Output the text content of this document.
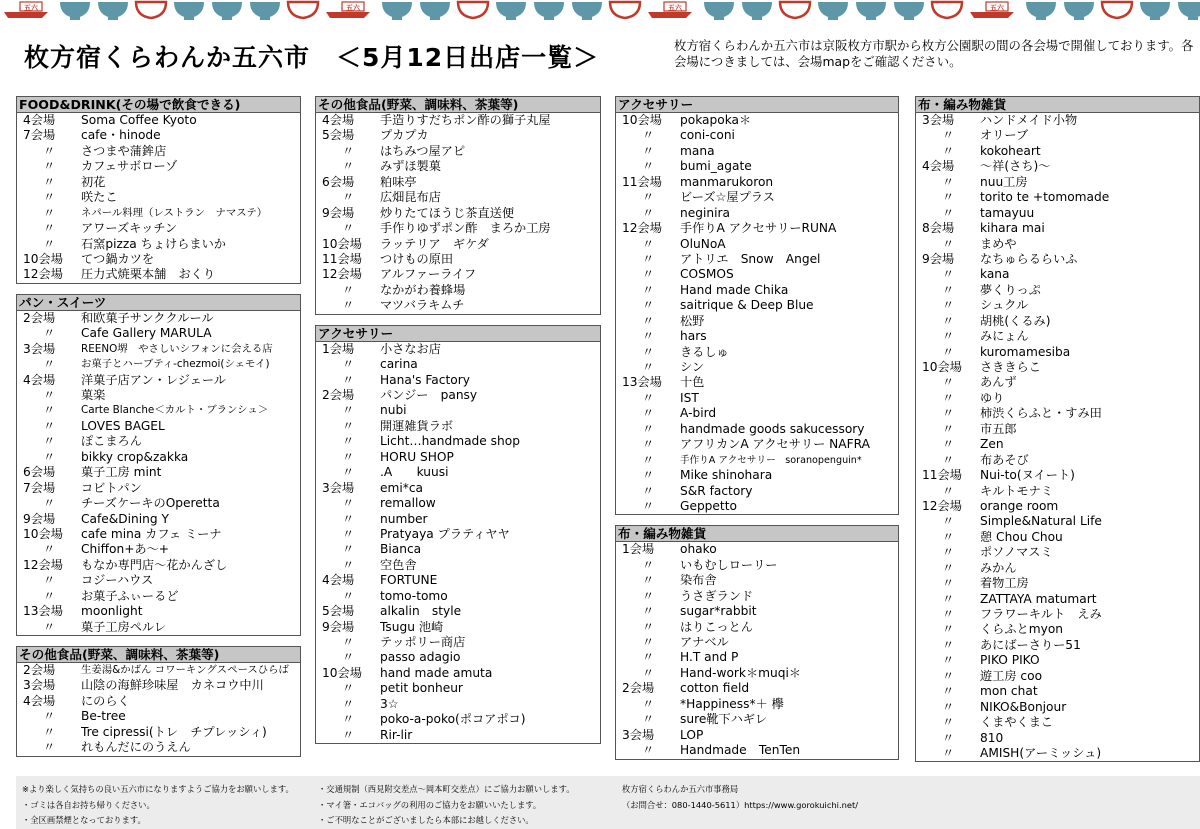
五六	五六	五六	五六
枚方宿くらわんか五六市　＜5月12日出店一覧＞	枚方宿くらわんか五六市は京阪枚方市駅から枚方公園駅の間の各会場で開催しております。各会場につきましては、会場mapをご確認ください。
FOOD&DRINK(その場で飲食できる)
4会場	Soma Coffee Kyoto
7会場	cafe・hinode
〃	さつまや蒲鉾店
〃	カフェサボローゾ
〃	初花
〃	咲たこ
〃	ネパール料理（レストラン　ナマステ）
〃	アワーズキッチン
〃	石窯pizza ちょけらまいか
10会場	てつ鍋カツを
12会場	圧力式焼栗本舗　おくり
パン・スイーツ
2会場	和欧菓子サンククルール
〃	Cafe Gallery MARULA
3会場	REENO堺　やさしいシフォンに会える店
〃	お菓子とハーブティ-chezmoi(シェモイ)
4会場	洋菓子店アン・レジェール
〃	菓楽
〃	Carte Blanche＜カルト・ブランシュ＞
〃	LOVES BAGEL
〃	ぽこまろん
〃	bikky crop&zakka
6会場	菓子工房 mint
7会場	コビトパン
〃	チーズケーキのOperetta
9会場	Cafe&Dining Y
10会場	cafe mina カフェ ミーナ
〃	Chiffon+あ〜+
12会場	もなか専門店〜花かんざし
〃	コジーハウス
〃	お菓子ふぃーるど
13会場	moonlight
〃	菓子工房ペルレ
その他食品(野菜、調味料、茶葉等)
2会場	生姜湯&かばん コワーキングスペースひらば
3会場	山陰の海鮮珍味屋　カネコウ中川
4会場	にのらく
〃	Be-tree
〃	Tre cipressi(トレ　チプレッシィ)
〃	れもんだにのうえん
その他食品(野菜、調味料、茶葉等)
4会場	手造りすだちポン酢の獅子丸屋
5会場	プカプカ
〃	はちみつ屋アピ
〃	みずほ製菓
6会場	粕味亭
〃	広畑昆布店
9会場	炒りたてほうじ茶直送便
〃	手作りゆずポン酢　まろか工房
10会場	ラッテリア　ギケダ
11会場	つけもの原田
12会場	アルファーライフ
〃	なかがわ養蜂場
〃	マツバラキムチ
アクセサリー
1会場	小さなお店
〃	carina
〃	Hana's Factory
2会場	パンジー　pansy
〃	nubi
〃	開運雑貨ラボ
〃	Licht…handmade shop
〃	HORU SHOP
〃	.A　　kuusi
3会場	emi*ca
〃	remallow
〃	number
〃	Pratyaya プラティヤヤ
〃	Bianca
〃	空色舎
4会場	FORTUNE
〃	tomo-tomo
5会場	alkalin　style
9会場	Tsugu 池崎
〃	テッポリー商店
〃	passo adagio
10会場	hand made amuta
〃	petit bonheur
〃	3☆
〃	poko-a-poko(ポコアポコ)
〃	Rir-lir
アクセサリー
10会場	pokapoka＊
〃	coni-coni
〃	mana
〃	bumi_agate
11会場	manmarukoron
〃	ビーズ☆屋プラス
〃	neginira
12会場	手作りA アクセサリーRUNA
〃	OluNoA
〃	アトリエ　Snow　Angel
〃	COSMOS
〃	Hand made Chika
〃	saitrique & Deep Blue
〃	松野
〃	hars
〃	きるしゅ
〃	シン
13会場	十色
〃	IST
〃	A-bird
〃	handmade goods sakucessory
〃	アフリカンA アクセサリー NAFRA
〃	手作りA アクセサリー　soranopenguin*
〃	Mike shinohara
〃	S&R factory
〃	Geppetto
布・編み物雑貨
1会場	ohako
〃	いもむしローリー
〃	染布舎
〃	うさぎランド
〃	sugar*rabbit
〃	はりこっとん
〃	アナベル
〃	H.T and P
〃	Hand-work＊muqi＊
2会場	cotton field
〃	*Happiness*＋ 欅
〃	sure靴下ハギレ
3会場	LOP
〃	Handmade　TenTen
布・編み物雑貨
3会場	ハンドメイド小物
〃	オリーブ
〃	kokoheart
4会場	〜祥(さち)〜
〃	nuu工房
〃	torito te +tomomade
〃	tamayuu
8会場	kihara mai
〃	まめや
9会場	なちゅらるらいふ
〃	kana
〃	夢くりっぷ
〃	シュクル
〃	胡桃(くるみ)
〃	みにょん
〃	kuromamesiba
10会場	さききらこ
〃	あんず
〃	ゆり
〃	柿渋くらふと・すみ田
〃	市五郎
〃	Zen
〃	布あそび
11会場	Nui-to(ヌイート)
〃	キルトモナミ
12会場	orange room
〃	Simple&Natural Life
〃	憩 Chou Chou
〃	ポソノマスミ
〃	みかん
〃	着物工房
〃	ZATTAYA matumart
〃	フラワーキルト　えみ
〃	くらふとmyon
〃	あにばーさりー51
〃	PIKO PIKO
〃	遊工房 coo
〃	mon chat
〃	NIKO&Bonjour
〃	くまやくまこ
〃	810
〃	AMISH(アーミッシュ)
※より楽しく気持ちの良い五六市になりますようご協力をお願いします。
・ゴミは各自お持ち帰りください。
・全区画禁煙となっております。
・交通規制（西見附交差点〜岡本町交差点）にご協力お願いします。
・マイ箸・エコバッグの利用のご協力をお願いいたします。
・ご不明なことがございましたら本部にお越しください。
枚方宿くらわんか五六市事務局
（お問合せ：080-1440-5611）https://www.gorokuichi.net/
